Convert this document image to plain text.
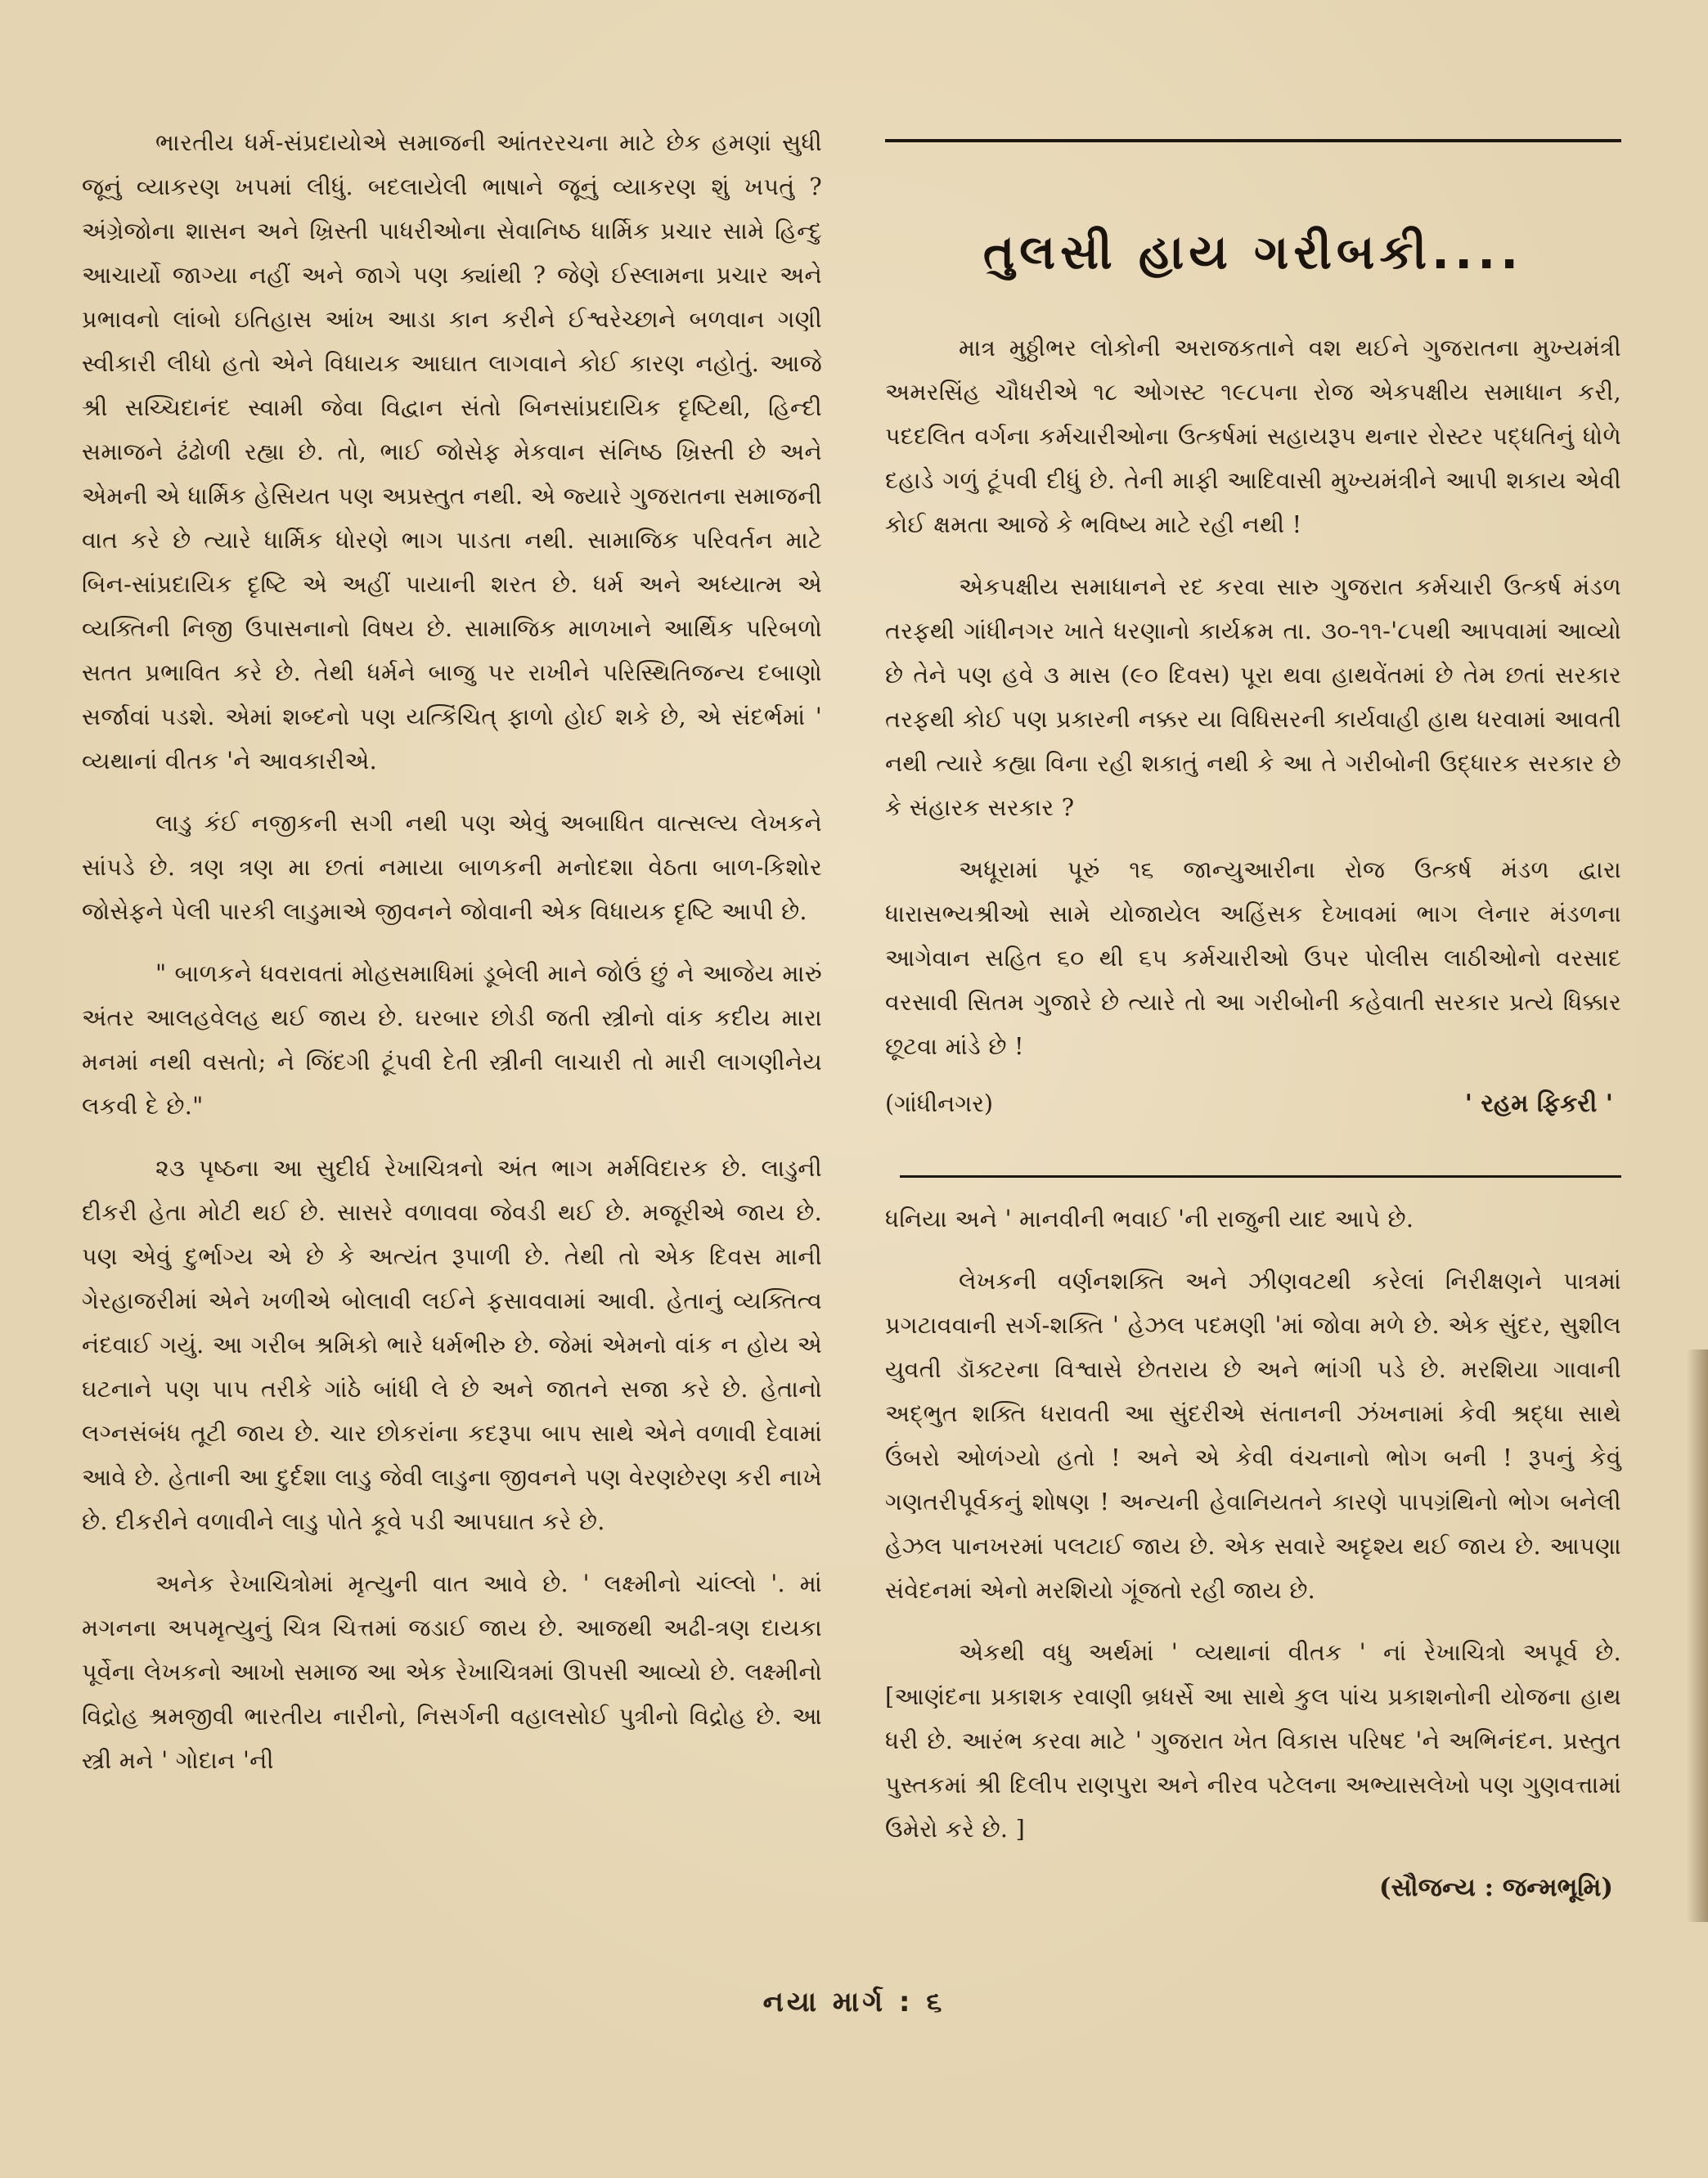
ભારતીય ધર્મ-સંપ્રદાયોએ સમાજની આંતરરચના માટે છેક હમણાં સુધી જૂનું વ્યાકરણ ખપમાં લીધું. બદલાયેલી ભાષાને જૂનું વ્યાકરણ શું ખપતું ? અંગ્રેજોના શાસન અને ખ્રિસ્તી પાધરીઓના સેવાનિષ્ઠ ધાર્મિક પ્રચાર સામે હિન્દુ આચાર્યો જાગ્યા નહીં અને જાગે પણ ક્યાંથી ? જેણે ઈસ્લામના પ્રચાર અને પ્રભાવનો લાંબો ઇતિહાસ આંખ આડા કાન કરીને ઈશ્વરેચ્છાને બળવાન ગણી સ્વીકારી લીધો હતો એને વિધાયક આઘાત લાગવાને કોઈ કારણ નહોતું. આજે શ્રી સચ્ચિદાનંદ સ્વામી જેવા વિદ્વાન સંતો બિનસાંપ્રદાયિક દૃષ્ટિથી, હિન્દી સમાજને ઢંઢોળી રહ્યા છે. તો, ભાઈ જોસેફ મેકવાન સંનિષ્ઠ ખ્રિસ્તી છે અને એમની એ ધાર્મિક હેસિયત પણ અપ્રસ્તુત નથી. એ જ્યારે ગુજરાતના સમાજની વાત કરે છે ત્યારે ધાર્મિક ધોરણે ભાગ પાડતા નથી. સામાજિક પરિવર્તન માટે બિન-સાંપ્રદાયિક દૃષ્ટિ એ અહીં પાયાની શરત છે. ધર્મ અને અધ્યાત્મ એ વ્યક્તિની નિજી ઉપાસનાનો વિષય છે. સામાજિક માળખાને આર્થિક પરિબળો સતત પ્રભાવિત કરે છે. તેથી ધર્મને બાજુ પર રાખીને પરિસ્થિતિજન્ય દબાણો સર્જાવાં પડશે. એમાં શબ્દનો પણ યત્કિંચિત્ ફાળો હોઈ શકે છે, એ સંદર્ભમાં ' વ્યથાનાં વીતક 'ને આવકારીએ.

લાડુ કંઈ નજીકની સગી નથી પણ એવું અબાધિત વાત્સલ્ય લેખકને સાંપડે છે. ત્રણ ત્રણ મા છતાં નમાયા બાળકની મનોદશા વેઠતા બાળ-કિશોર જોસેફને પેલી પારકી લાડુમાએ જીવનને જોવાની એક વિધાયક દૃષ્ટિ આપી છે.

" બાળકને ધવરાવતાં મોહસમાધિમાં ડૂબેલી માને જોઉં છું ને આજેય મારું અંતર આલહવેલહ થઈ જાય છે. ઘરબાર છોડી જતી સ્ત્રીનો વાંક કદીય મારા મનમાં નથી વસતો; ને જિંદગી ટૂંપવી દેતી સ્ત્રીની લાચારી તો મારી લાગણીનેય લકવી દે છે."

૨૩ પૃષ્ઠના આ સુદીર્ઘ રેખાચિત્રનો અંત ભાગ મર્મવિદારક છે. લાડુની દીકરી હેતા મોટી થઈ છે. સાસરે વળાવવા જેવડી થઈ છે. મજૂરીએ જાય છે. પણ એવું દુર્ભાગ્ય એ છે કે અત્યંત રૂપાળી છે. તેથી તો એક દિવસ માની ગેરહાજરીમાં એને ખળીએ બોલાવી લઈને ફસાવવામાં આવી. હેતાનું વ્યક્તિત્વ નંદવાઈ ગયું. આ ગરીબ શ્રમિકો ભારે ધર્મભીરુ છે. જેમાં એમનો વાંક ન હોય એ ઘટનાને પણ પાપ તરીકે ગાંઠે બાંધી લે છે અને જાતને સજા કરે છે. હેતાનો લગ્નસંબંધ તૂટી જાય છે. ચાર છોકરાંના કદરૂપા બાપ સાથે એને વળાવી દેવામાં આવે છે. હેતાની આ દુર્દશા લાડુ જેવી લાડુના જીવનને પણ વેરણછેરણ કરી નાખે છે. દીકરીને વળાવીને લાડુ પોતે કૂવે પડી આપઘાત કરે છે.

અનેક રેખાચિત્રોમાં મૃત્યુની વાત આવે છે. ' લક્ષ્મીનો ચાંલ્લો '. માં મગનના અપમૃત્યુનું ચિત્ર ચિત્તમાં જડાઈ જાય છે. આજથી અઢી-ત્રણ દાયકા પૂર્વેના લેખકનો આખો સમાજ આ એક રેખાચિત્રમાં ઊપસી આવ્યો છે. લક્ષ્મીનો વિદ્રોહ શ્રમજીવી ભારતીય નારીનો, નિસર્ગની વહાલસોઈ પુત્રીનો વિદ્રોહ છે. આ સ્ત્રી મને ' ગોદાન 'ની

તુલસી હાય ગરીબકી....

માત્ર મુઠ્ઠીભર લોકોની અરાજકતાને વશ થઈને ગુજરાતના મુખ્યમંત્રી અમરસિંહ ચૌધરીએ ૧૮ ઓગસ્ટ ૧૯૮૫ના રોજ એકપક્ષીય સમાધાન કરી, પદદલિત વર્ગના કર્મચારીઓના ઉત્કર્ષમાં સહાયરૂપ થનાર રોસ્ટર પદ્ધતિનું ધોળે દહાડે ગળું ટૂંપવી દીધું છે. તેની માફી આદિવાસી મુખ્યમંત્રીને આપી શકાય એવી કોઈ ક્ષમતા આજે કે ભવિષ્ય માટે રહી નથી !

એકપક્ષીય સમાધાનને રદ કરવા સારુ ગુજરાત કર્મચારી ઉત્કર્ષ મંડળ તરફથી ગાંધીનગર ખાતે ધરણાનો કાર્યક્રમ તા. ૩૦-૧૧-'૮૫થી આપવામાં આવ્યો છે તેને પણ હવે ૩ માસ (૯૦ દિવસ) પૂરા થવા હાથવેંતમાં છે તેમ છતાં સરકાર તરફથી કોઈ પણ પ્રકારની નક્કર યા વિધિસરની કાર્યવાહી હાથ ધરવામાં આવતી નથી ત્યારે કહ્યા વિના રહી શકાતું નથી કે આ તે ગરીબોની ઉદ્ધારક સરકાર છે કે સંહારક સરકાર ?

અધૂરામાં પૂરું ૧૬ જાન્યુઆરીના રોજ ઉત્કર્ષ મંડળ દ્વારા ધારાસભ્યશ્રીઓ સામે યોજાયેલ અહિંસક દેખાવમાં ભાગ લેનાર મંડળના આગેવાન સહિત ૬૦ થી ૬૫ કર્મચારીઓ ઉપર પોલીસ લાઠીઓનો વરસાદ વરસાવી સિતમ ગુજારે છે ત્યારે તો આ ગરીબોની કહેવાતી સરકાર પ્રત્યે ધિક્કાર છૂટવા માંડે છે !

(ગાંધીનગર)	' રહમ ફિકરી '

ધનિયા અને ' માનવીની ભવાઈ 'ની રાજુની યાદ આપે છે.

લેખકની વર્ણનશક્તિ અને ઝીણવટથી કરેલાં નિરીક્ષણને પાત્રમાં પ્રગટાવવાની સર્ગ-શક્તિ ' હેઝલ પદમણી 'માં જોવા મળે છે. એક સુંદર, સુશીલ યુવતી ડૉક્ટરના વિશ્વાસે છેતરાય છે અને ભાંગી પડે છે. મરશિયા ગાવાની અદ્ભુત શક્તિ ધરાવતી આ સુંદરીએ સંતાનની ઝંખનામાં કેવી શ્રદ્ધા સાથે ઉંબરો ઓળંગ્યો હતો ! અને એ કેવી વંચનાનો ભોગ બની ! રૂપનું કેવું ગણતરીપૂર્વકનું શોષણ ! અન્યની હેવાનિયતને કારણે પાપગ્રંથિનો ભોગ બનેલી હેઝલ પાનખરમાં પલટાઈ જાય છે. એક સવારે અદૃશ્ય થઈ જાય છે. આપણા સંવેદનમાં એનો મરશિયો ગૂંજતો રહી જાય છે.

એકથી વધુ અર્થમાં ' વ્યથાનાં વીતક ' નાં રેખાચિત્રો અપૂર્વ છે. [આણંદના પ્રકાશક રવાણી બ્રધર્સે આ સાથે કુલ પાંચ પ્રકાશનોની યોજના હાથ ધરી છે. આરંભ કરવા માટે ' ગુજરાત ખેત વિકાસ પરિષદ 'ને અભિનંદન. પ્રસ્તુત પુસ્તકમાં શ્રી દિલીપ રાણપુરા અને નીરવ પટેલના અભ્યાસલેખો પણ ગુણવત્તામાં ઉમેરો કરે છે. ]

(સૌજન્ય : જન્મભૂમિ)
નયા માર્ગ : ૬
